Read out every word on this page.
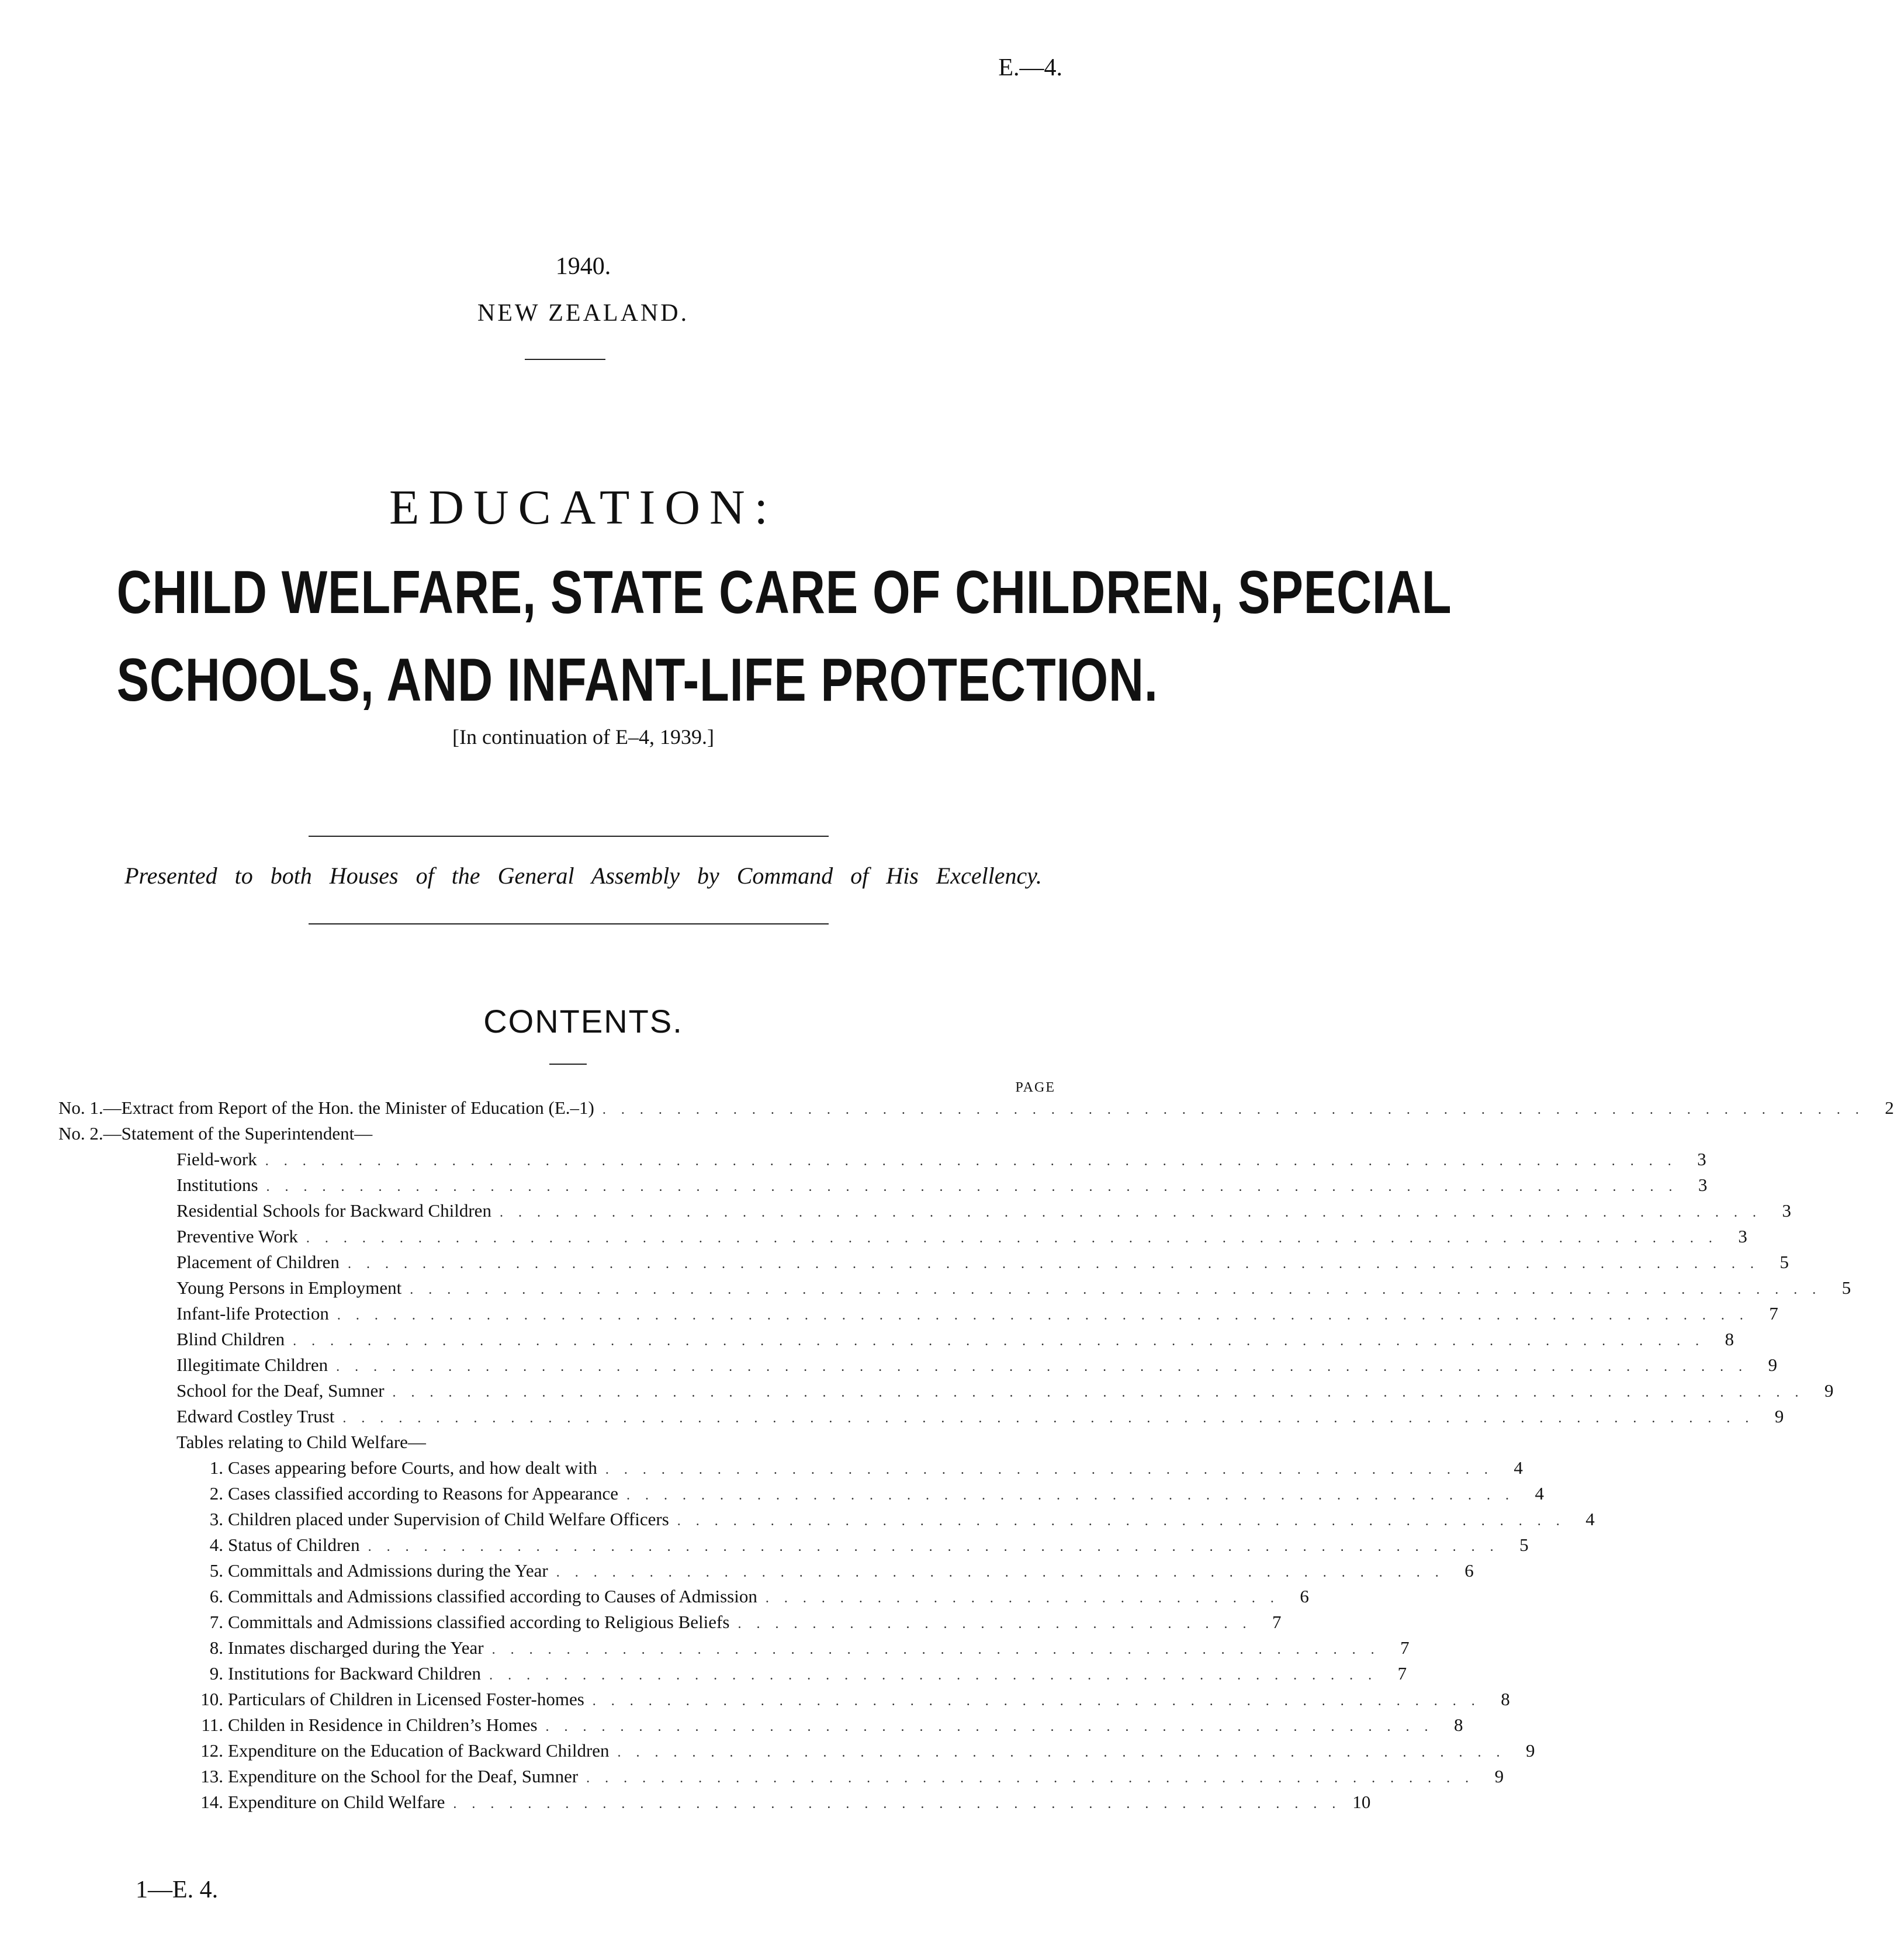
E.—4.
1940.
NEW ZEALAND.
EDUCATION:
CHILD WELFARE, STATE CARE OF CHILDREN, SPECIAL
SCHOOLS, AND INFANT-LIFE PROTECTION.
[In continuation of E–4, 1939.]
Presented to both Houses of the General Assembly by Command of His Excellency.
CONTENTS.
PAGE
No. 1.—Extract from Report of the Hon. the Minister of Education (E.–1) . . . . . . . . . . . . . . . . . . . . . . . . . . . . . . . . . . . . . . . . . . . . . . . . . . . . . . . . . . . . . . . . . . . .	2
No. 2.—Statement of the Superintendent—
Field-work . . . . . . . . . . . . . . . . . . . . . . . . . . . . . . . . . . . . . . . . . . . . . . . . . . . . . . . . . . . . . . . . . . . . . . . . . . . .	3
Institutions . . . . . . . . . . . . . . . . . . . . . . . . . . . . . . . . . . . . . . . . . . . . . . . . . . . . . . . . . . . . . . . . . . . . . . . . . . . .	3
Residential Schools for Backward Children . . . . . . . . . . . . . . . . . . . . . . . . . . . . . . . . . . . . . . . . . . . . . . . . . . . . . . . . . . . . . . . . . . . .	3
Preventive Work . . . . . . . . . . . . . . . . . . . . . . . . . . . . . . . . . . . . . . . . . . . . . . . . . . . . . . . . . . . . . . . . . . . . . . . . . . . .	3
Placement of Children . . . . . . . . . . . . . . . . . . . . . . . . . . . . . . . . . . . . . . . . . . . . . . . . . . . . . . . . . . . . . . . . . . . . . . . . . . . .	5
Young Persons in Employment . . . . . . . . . . . . . . . . . . . . . . . . . . . . . . . . . . . . . . . . . . . . . . . . . . . . . . . . . . . . . . . . . . . . . . . . . . . .	5
Infant-life Protection . . . . . . . . . . . . . . . . . . . . . . . . . . . . . . . . . . . . . . . . . . . . . . . . . . . . . . . . . . . . . . . . . . . . . . . . . . . .	7
Blind Children . . . . . . . . . . . . . . . . . . . . . . . . . . . . . . . . . . . . . . . . . . . . . . . . . . . . . . . . . . . . . . . . . . . . . . . . . . . .	8
Illegitimate Children . . . . . . . . . . . . . . . . . . . . . . . . . . . . . . . . . . . . . . . . . . . . . . . . . . . . . . . . . . . . . . . . . . . . . . . . . . . .	9
School for the Deaf, Sumner . . . . . . . . . . . . . . . . . . . . . . . . . . . . . . . . . . . . . . . . . . . . . . . . . . . . . . . . . . . . . . . . . . . . . . . . . . . .	9
Edward Costley Trust . . . . . . . . . . . . . . . . . . . . . . . . . . . . . . . . . . . . . . . . . . . . . . . . . . . . . . . . . . . . . . . . . . . . . . . . . . . .	9
Tables relating to Child Welfare—
1. Cases appearing before Courts, and how dealt with . . . . . . . . . . . . . . . . . . . . . . . . . . . . . . . . . . . . . . . . . . . . . . . .	4
2. Cases classified according to Reasons for Appearance . . . . . . . . . . . . . . . . . . . . . . . . . . . . . . . . . . . . . . . . . . . . . . . .	4
3. Children placed under Supervision of Child Welfare Officers . . . . . . . . . . . . . . . . . . . . . . . . . . . . . . . . . . . . . . . . . . . . . . . .	4
4. Status of Children . . . . . . . . . . . . . . . . . . . . . . . . . . . . . . . . . . . . . . . . . . . . . . . . . . . . . . . . . . . . .	5
5. Committals and Admissions during the Year . . . . . . . . . . . . . . . . . . . . . . . . . . . . . . . . . . . . . . . . . . . . . . . .	6
6. Committals and Admissions classified according to Causes of Admission . . . . . . . . . . . . . . . . . . . . . . . . . . . .	6
7. Committals and Admissions classified according to Religious Beliefs . . . . . . . . . . . . . . . . . . . . . . . . . . . .	7
8. Inmates discharged during the Year . . . . . . . . . . . . . . . . . . . . . . . . . . . . . . . . . . . . . . . . . . . . . . . .	7
9. Institutions for Backward Children . . . . . . . . . . . . . . . . . . . . . . . . . . . . . . . . . . . . . . . . . . . . . . . .	7
10. Particulars of Children in Licensed Foster-homes . . . . . . . . . . . . . . . . . . . . . . . . . . . . . . . . . . . . . . . . . . . . . . . .	8
11. Childen in Residence in Children’s Homes . . . . . . . . . . . . . . . . . . . . . . . . . . . . . . . . . . . . . . . . . . . . . . . .	8
12. Expenditure on the Education of Backward Children . . . . . . . . . . . . . . . . . . . . . . . . . . . . . . . . . . . . . . . . . . . . . . . .	9
13. Expenditure on the School for the Deaf, Sumner . . . . . . . . . . . . . . . . . . . . . . . . . . . . . . . . . . . . . . . . . . . . . . . .	9
14. Expenditure on Child Welfare . . . . . . . . . . . . . . . . . . . . . . . . . . . . . . . . . . . . . . . . . . . . . . . . 10
1—E. 4.
